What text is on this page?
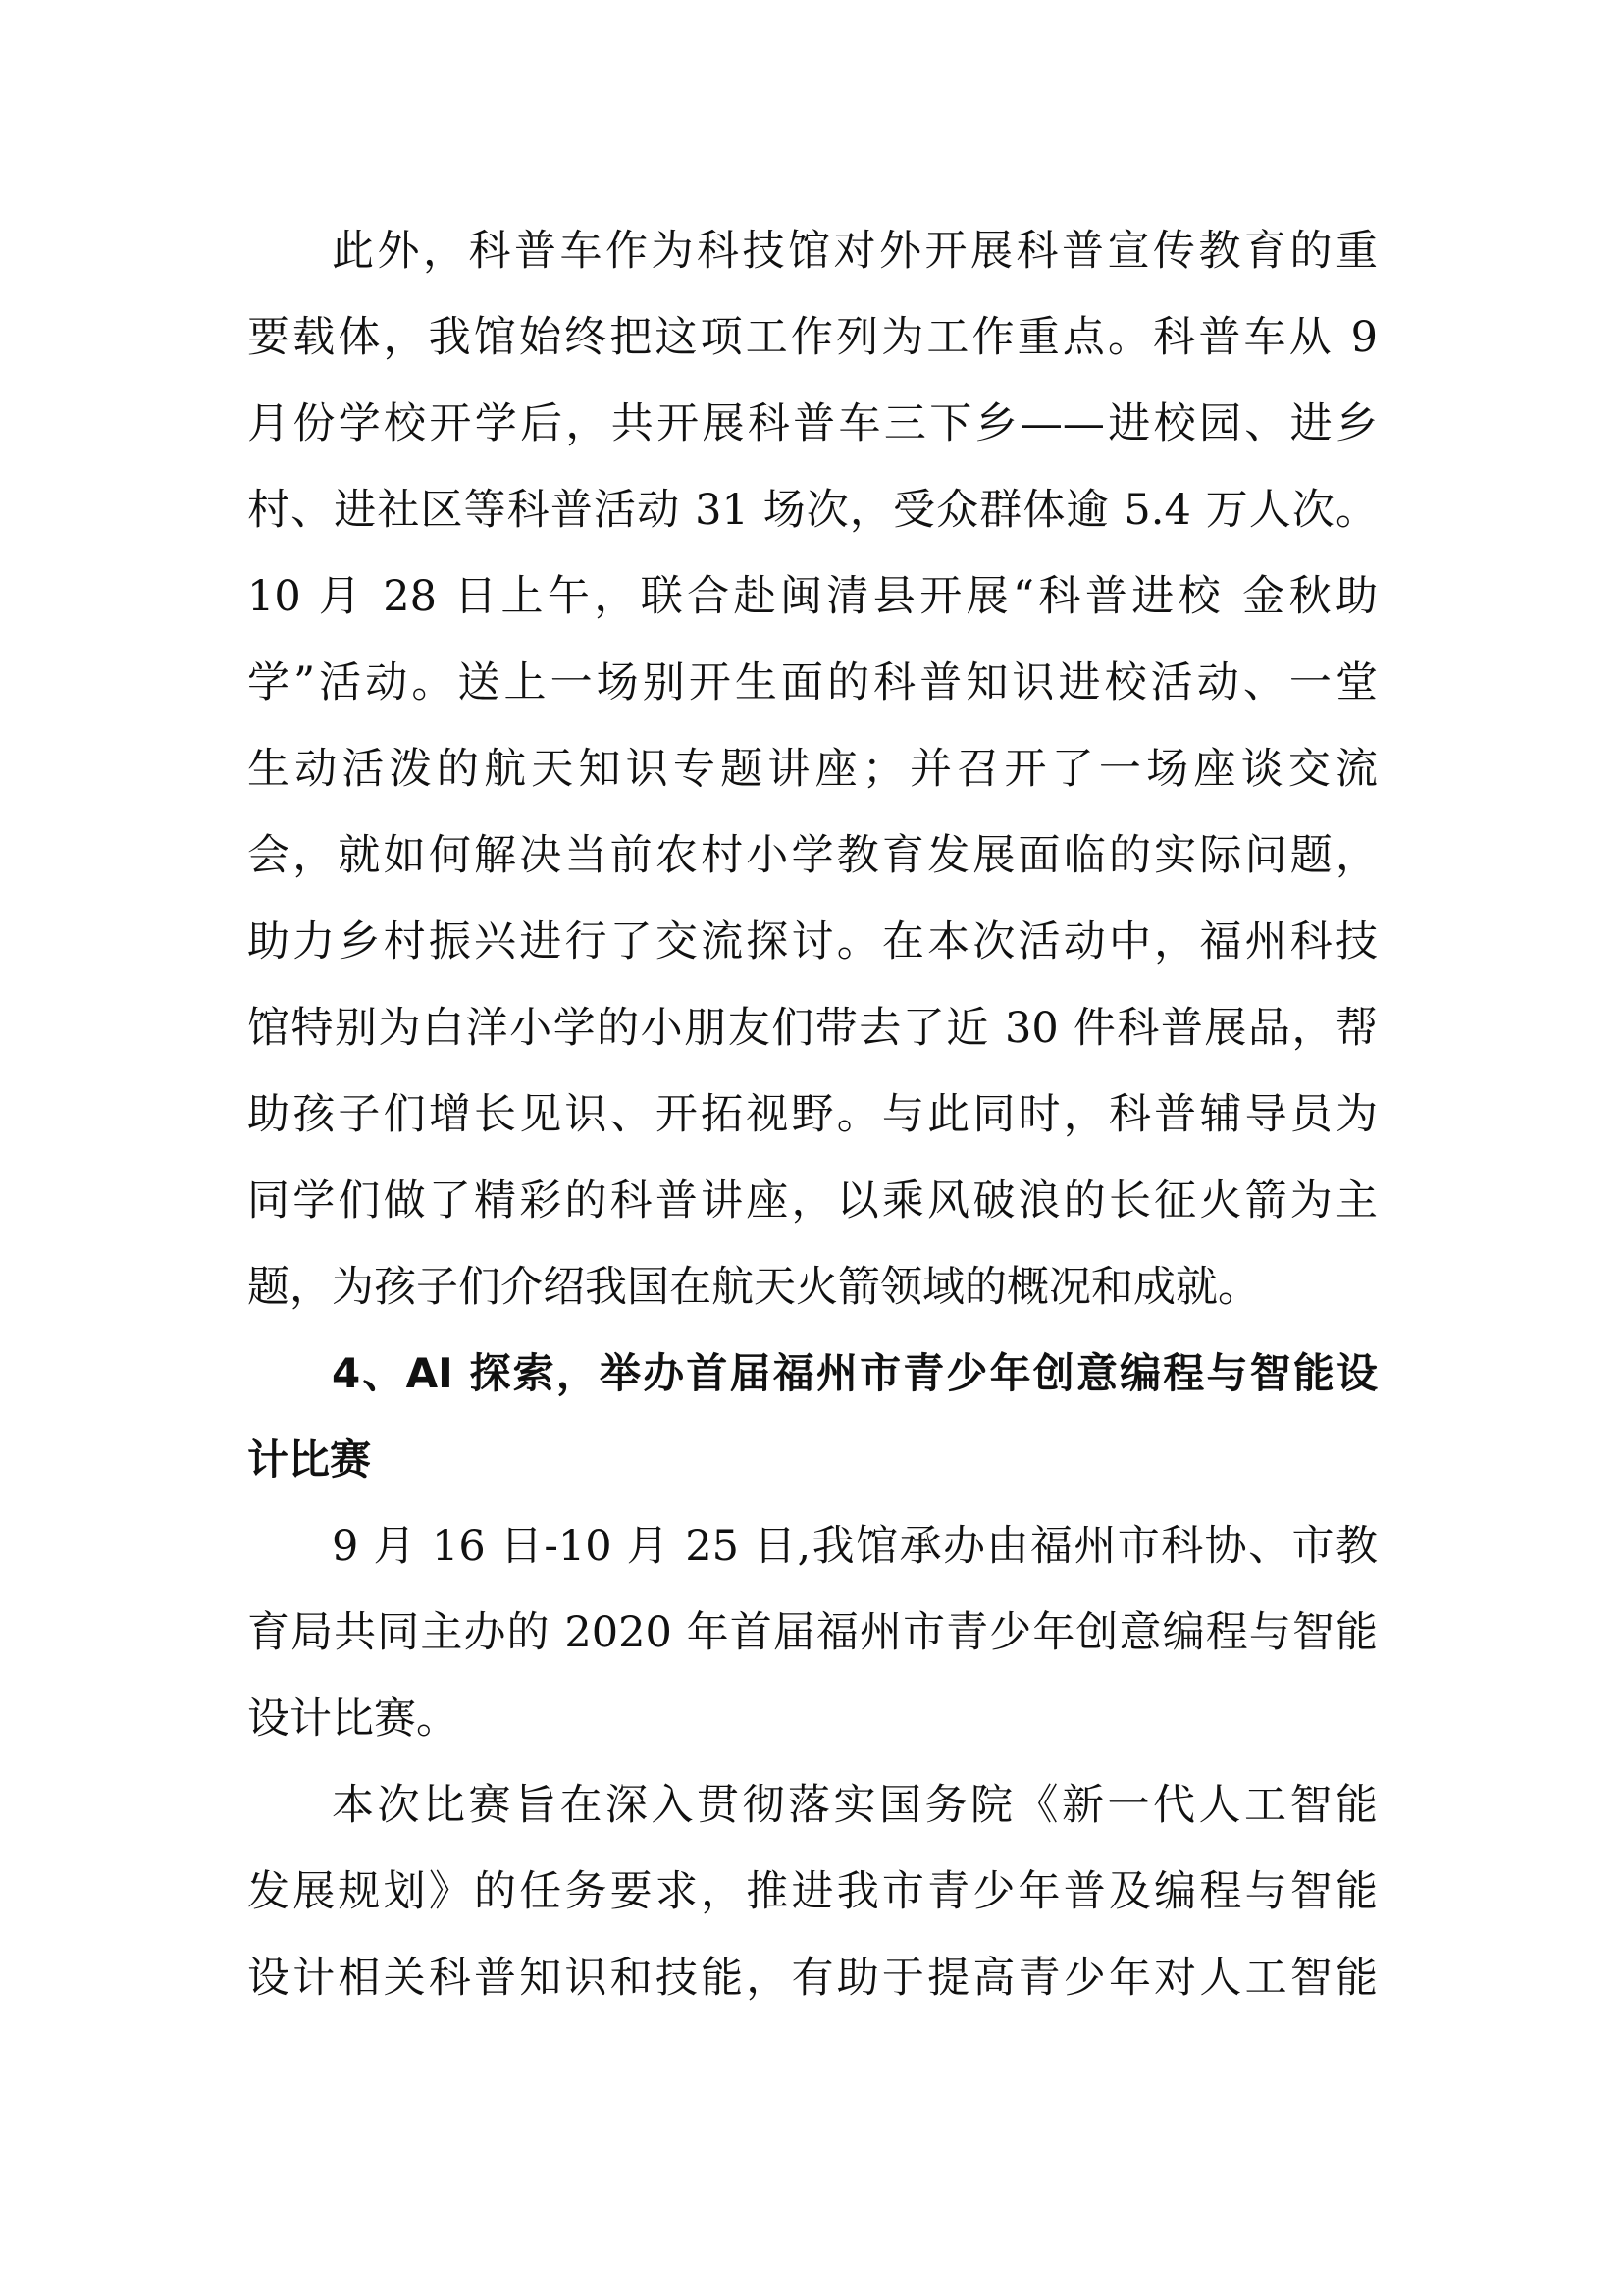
此外，科普车作为科技馆对外开展科普宣传教育的重
要载体，我馆始终把这项工作列为工作重点。科普车从 9
月份学校开学后，共开展科普车三下乡——进校园、进乡
村、进社区等科普活动 31 场次，受众群体逾 5.4 万人次。
10 月 28 日上午，联合赴闽清县开展“科普进校 金秋助
学”活动。送上一场别开生面的科普知识进校活动、一堂
生动活泼的航天知识专题讲座；并召开了一场座谈交流
会，就如何解决当前农村小学教育发展面临的实际问题，
助力乡村振兴进行了交流探讨。在本次活动中，福州科技
馆特别为白洋小学的小朋友们带去了近 30 件科普展品，帮
助孩子们增长见识、开拓视野。与此同时，科普辅导员为
同学们做了精彩的科普讲座，以乘风破浪的长征火箭为主
题，为孩子们介绍我国在航天火箭领域的概况和成就。
4、AI 探索，举办首届福州市青少年创意编程与智能设
计比赛
9 月 16 日-10 月 25 日,我馆承办由福州市科协、市教
育局共同主办的 2020 年首届福州市青少年创意编程与智能
设计比赛。
本次比赛旨在深入贯彻落实国务院《新一代人工智能
发展规划》的任务要求，推进我市青少年普及编程与智能
设计相关科普知识和技能，有助于提高青少年对人工智能
